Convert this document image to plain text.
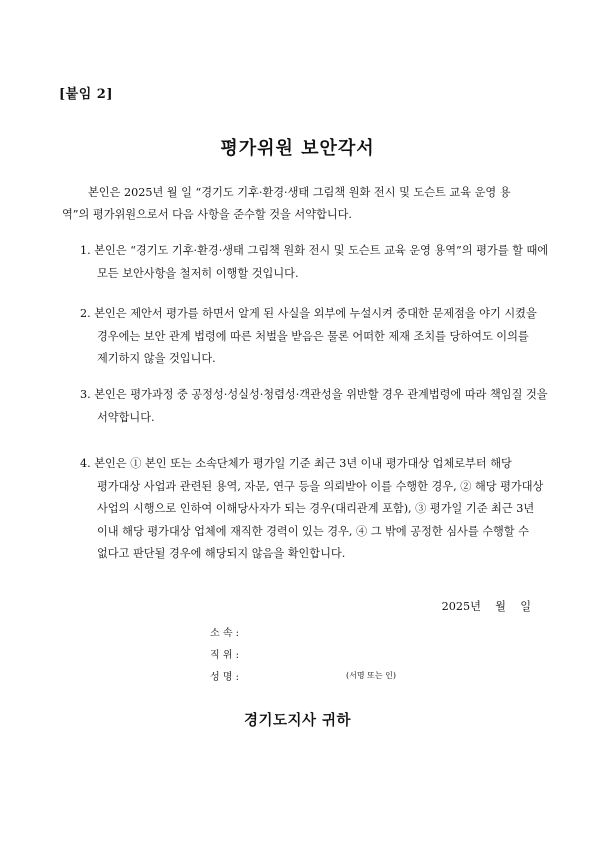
[붙임 2]
평가위원 보안각서
본인은 2025년 월 일 “경기도 기후·환경·생태 그림책 원화 전시 및 도슨트 교육 운영 용역”의 평가위원으로서 다음 사항을 준수할 것을 서약합니다.
1. 본인은 “경기도 기후·환경·생태 그림책 원화 전시 및 도슨트 교육 운영 용역”의 평가를 할 때에 모든 보안사항을 철저히 이행할 것입니다.
2. 본인은 제안서 평가를 하면서 알게 된 사실을 외부에 누설시켜 중대한 문제점을 야기 시켰을 경우에는 보안 관계 법령에 따른 처벌을 받음은 물론 어떠한 제재 조치를 당하여도 이의를 제기하지 않을 것입니다.
3. 본인은 평가과정 중 공정성·성실성·청렴성·객관성을 위반할 경우 관계법령에 따라 책임질 것을 서약합니다.
4. 본인은 ① 본인 또는 소속단체가 평가일 기준 최근 3년 이내 평가대상 업체로부터 해당 평가대상 사업과 관련된 용역, 자문, 연구 등을 의뢰받아 이를 수행한 경우, ② 해당 평가대상 사업의 시행으로 인하여 이해당사자가 되는 경우(대리관계 포함), ③ 평가일 기준 최근 3년 이내 해당 평가대상 업체에 재직한 경력이 있는 경우, ④ 그 밖에 공정한 심사를 수행할 수 없다고 판단될 경우에 해당되지 않음을 확인합니다.
2025년    월    일
소 속 :
직 위 :
성 명 :	(서명 또는 인)
경기도지사 귀하
